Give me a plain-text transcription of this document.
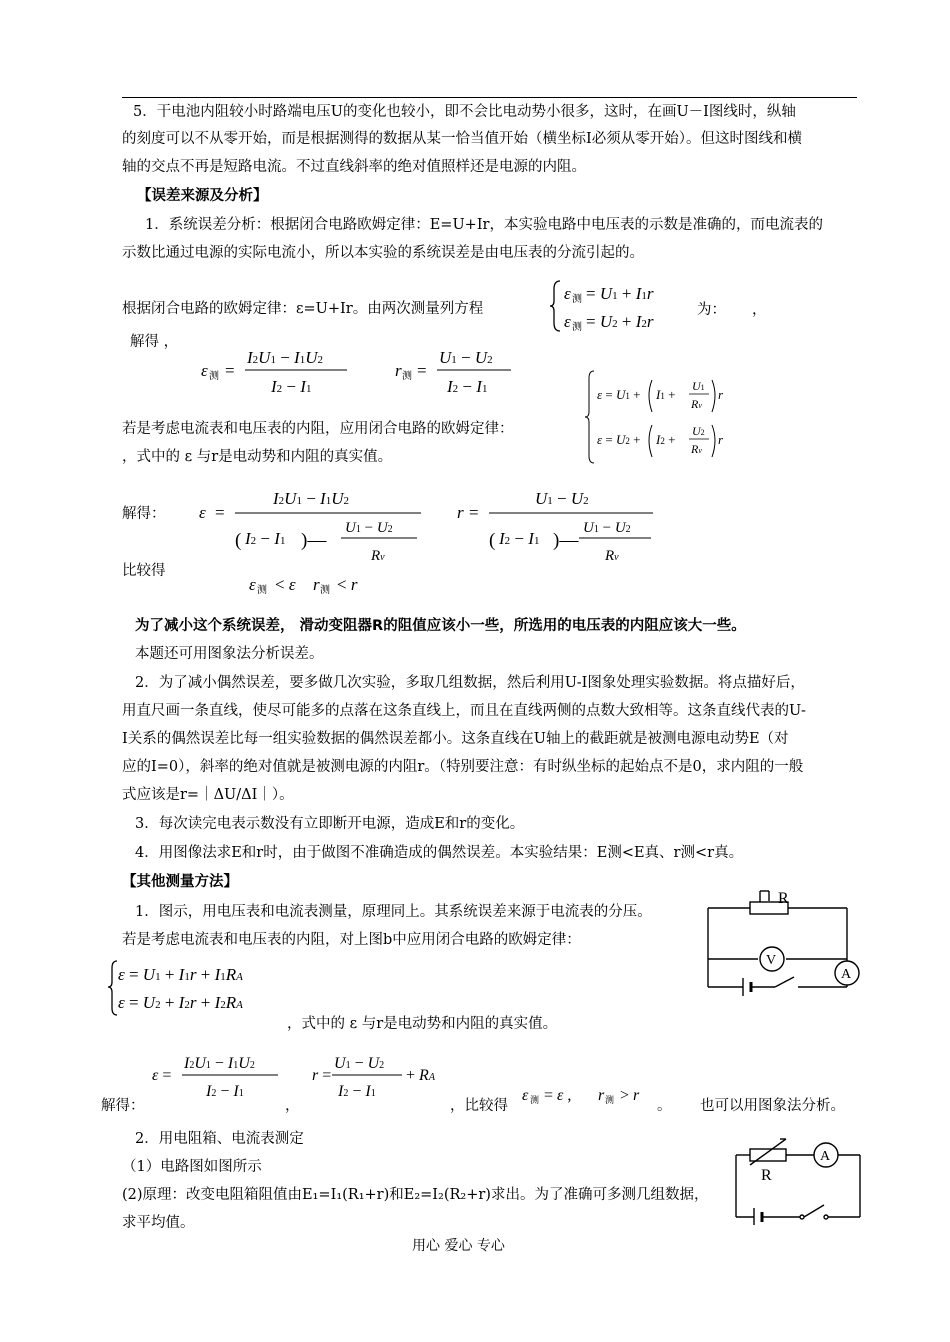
5．干电池内阻较小时路端电压U的变化也较小，即不会比电动势小很多，这时，在画U－I图线时，纵轴
的刻度可以不从零开始，而是根据测得的数据从某一恰当值开始（横坐标I必须从零开始）。但这时图线和横
轴的交点不再是短路电流。不过直线斜率的绝对值照样还是电源的内阻。
【误差来源及分析】
1．系统误差分析：根据闭合电路欧姆定律：E=U+Ir，本实验电路中电压表的示数是准确的，而电流表的
示数比通过电源的实际电流小，所以本实验的系统误差是由电压表的分流引起的。
根据闭合电路的欧姆定律：ε=U+Ir。由两次测量列方程
ε 测 = U1 + I1r
ε 测 = U2 + I2r
为： ，
解得 ，
ε 测 =
I2U1 − I1U2
I2 − I1
r 测 =
U1 − U2
I2 − I1	ε = U1 + I1 +
U1
Rv
r
ε = U2 + I2 +
U2
Rv
r
若是考虑电流表和电压表的内阻，应用闭合电路的欧姆定律：
，式中的 ε 与r是电动势和内阻的真实值。
解得： ε =
I2U1 − I1U2
( I2 − I1 )—
U1 − U2
Rv
r =
U1 − U2
( I2 − I1 )—
U1 − U2
Rv
比较得
ε 测 < ε r 测 < r
为了减小这个系统误差， 滑动变阻器R的阻值应该小一些，所选用的电压表的内阻应该大一些。
本题还可用图象法分析误差。
2．为了减小偶然误差，要多做几次实验，多取几组数据，然后利用U-I图象处理实验数据。将点描好后，
用直尺画一条直线，使尽可能多的点落在这条直线上，而且在直线两侧的点数大致相等。这条直线代表的U-
I关系的偶然误差比每一组实验数据的偶然误差都小。这条直线在U轴上的截距就是被测电源电动势E（对
应的I=0），斜率的绝对值就是被测电源的内阻r。（特别要注意：有时纵坐标的起始点不是0，求内阻的一般
式应该是r=｜ΔU/ΔI｜）。
3．每次读完电表示数没有立即断开电源，造成E和r的变化。
4．用图像法求E和r时，由于做图不准确造成的偶然误差。本实验结果：E测<E真、r测<r真。
【其他测量方法】
1．图示，用电压表和电流表测量，原理同上。其系统误差来源于电流表的分压。
若是考虑电流表和电压表的内阻，对上图b中应用闭合电路的欧姆定律：
R
V
A
ε = U1 + I1r + I1RA
ε = U2 + I2r + I2RA
，式中的 ε 与r是电动势和内阻的真实值。
ε =
I2U1 − I1U2
I2 − I1
r =
U1 − U2
I2 − I1
+ RA
解得：	，	，比较得
ε 测 = ε , r 测 > r
。 也可以用图象法分析。
2．用电阻箱、电流表测定
（1）电路图如图所示
(2)原理：改变电阻箱阻值由E₁=I₁(R₁+r)和E₂=I₂(R₂+r)求出。为了准确可多测几组数据，
求平均值。
R
A
用心 爱心 专心
